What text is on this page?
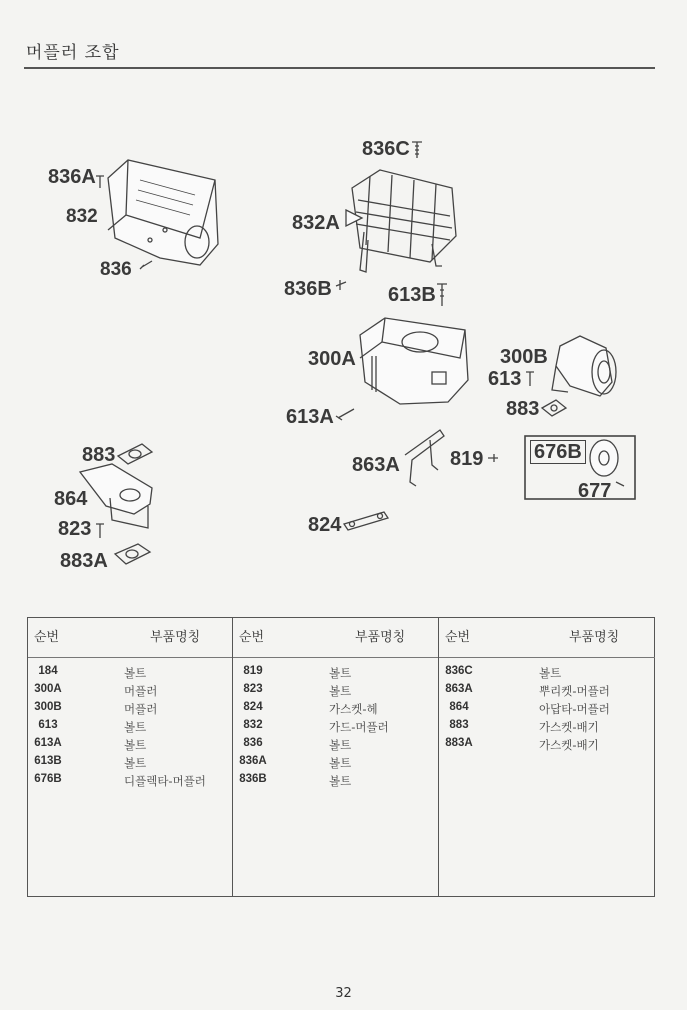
머플러 조합
836A
832
836
836C
832A
836B	613B
300A
613A
300B
613
883
819
863A
676B
677
824
883
864
823
883A
순번	부품명칭
184	볼트
300A	머플러
300B	머플러
613	볼트
613A	볼트
613B	볼트
676B	디플렉타-머플러
순번	부품명칭
819	볼트
823	볼트
824	가스켓-헤
832	가드-머플러
836	볼트
836A	볼트
836B	볼트
순번	부품명칭
836C	볼트
863A	뿌리켓-머플러
864	아답타-머플러
883	가스켓-배기
883A	가스켓-배기
32
